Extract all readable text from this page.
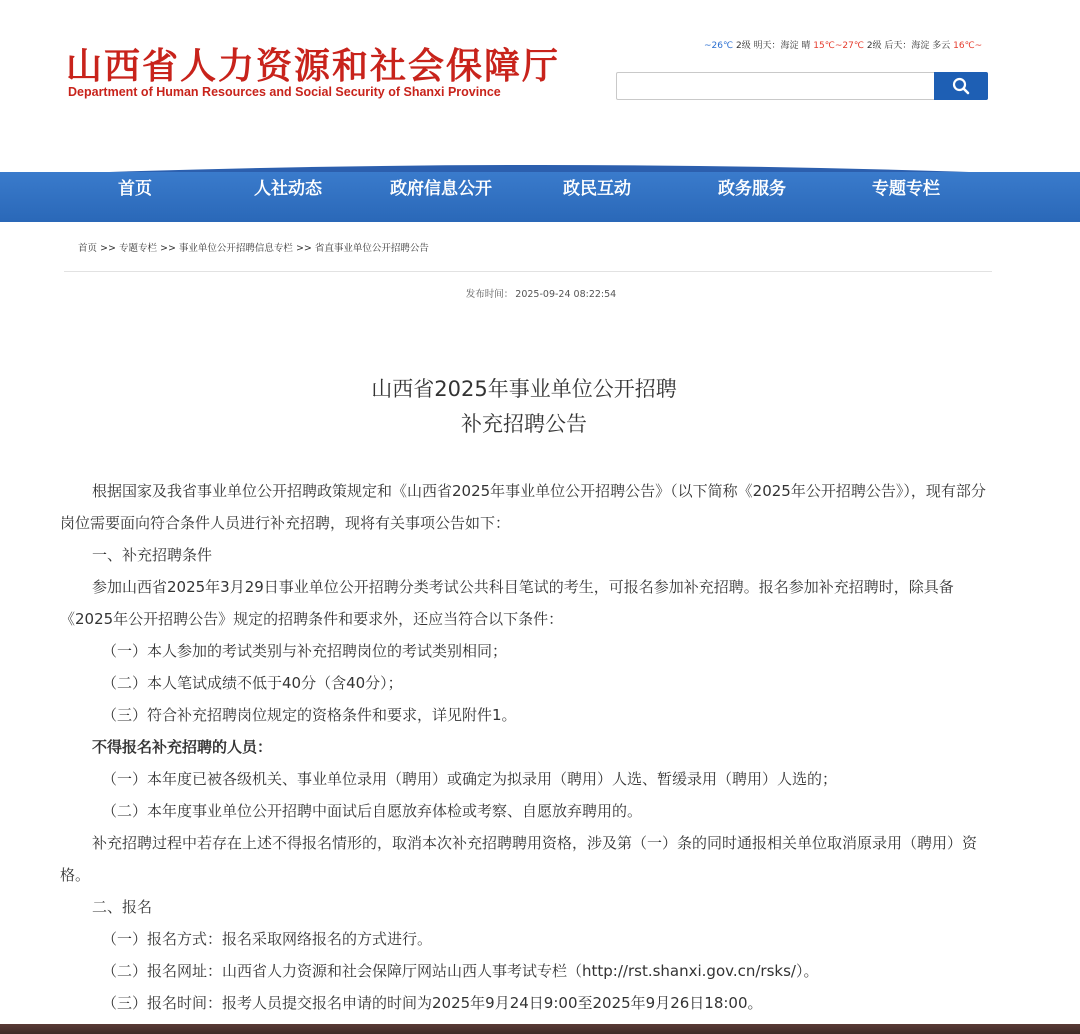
山西省人力资源和社会保障厅
Department of Human Resources and Social Security of Shanxi Province
~26℃ 2级 明天：海淀 晴 15℃~27℃ 2级 后天：海淀 多云 16℃~
首页	人社动态	政府信息公开	政民互动	政务服务	专题专栏
首页 >> 专题专栏 >> 事业单位公开招聘信息专栏 >> 省直事业单位公开招聘公告
发布时间： 2025-09-24 08:22:54
山西省2025年事业单位公开招聘
补充招聘公告

根据国家及我省事业单位公开招聘政策规定和《山西省2025年事业单位公开招聘公告》（以下简称《2025年公开招聘公告》），现有部分岗位需要面向符合条件人员进行补充招聘，现将有关事项公告如下：

一、补充招聘条件

参加山西省2025年3月29日事业单位公开招聘分类考试公共科目笔试的考生，可报名参加补充招聘。报名参加补充招聘时，除具备《2025年公开招聘公告》规定的招聘条件和要求外，还应当符合以下条件：

（一）本人参加的考试类别与补充招聘岗位的考试类别相同；

（二）本人笔试成绩不低于40分（含40分）；

（三）符合补充招聘岗位规定的资格条件和要求，详见附件1。

不得报名补充招聘的人员：

（一）本年度已被各级机关、事业单位录用（聘用）或确定为拟录用（聘用）人选、暂缓录用（聘用）人选的；

（二）本年度事业单位公开招聘中面试后自愿放弃体检或考察、自愿放弃聘用的。

补充招聘过程中若存在上述不得报名情形的，取消本次补充招聘聘用资格，涉及第（一）条的同时通报相关单位取消原录用（聘用）资格。

二、报名

（一）报名方式：报名采取网络报名的方式进行。

（二）报名网址：山西省人力资源和社会保障厅网站山西人事考试专栏（http://rst.shanxi.gov.cn/rsks/）。

（三）报名时间：报考人员提交报名申请的时间为2025年9月24日9:00至2025年9月26日18:00。
